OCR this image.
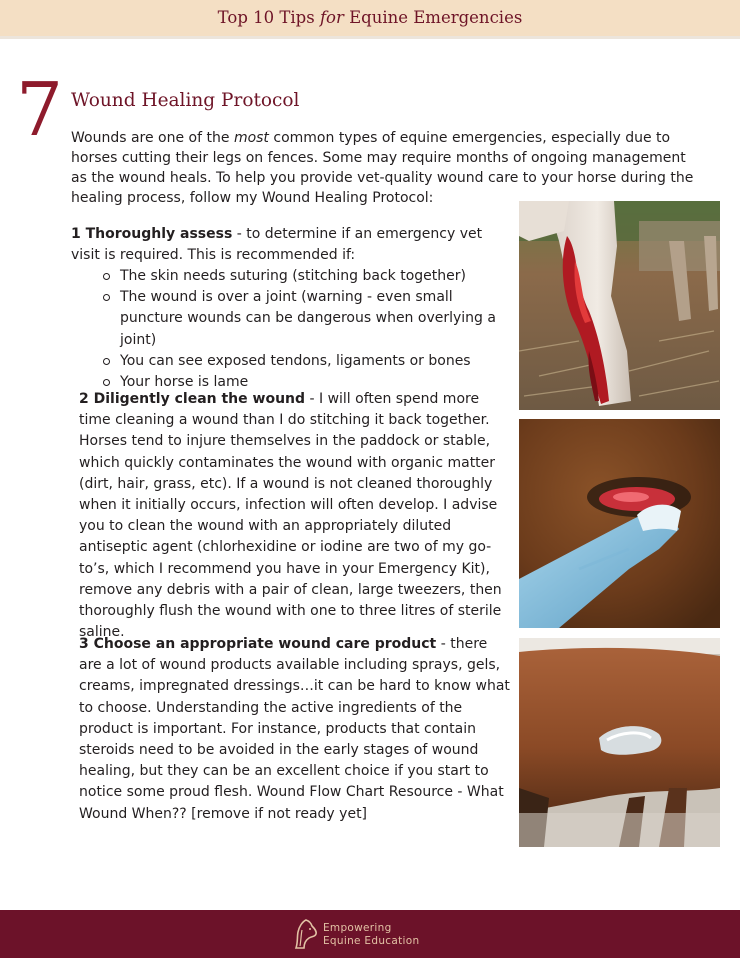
Top 10 Tips for Equine Emergencies
7 Wound Healing Protocol

Wounds are one of the most common types of equine emergencies, especially due to horses cutting their legs on fences. Some may require months of ongoing management as the wound heals. To help you provide vet-quality wound care to your horse during the healing process, follow my Wound Healing Protocol:

1 Thoroughly assess - to determine if an emergency vet visit is required. This is recommended if:

The skin needs suturing (stitching back together)
The wound is over a joint (warning - even small puncture wounds can be dangerous when overlying a joint)
You can see exposed tendons, ligaments or bones
Your horse is lame

2 Diligently clean the wound - I will often spend more time cleaning a wound than I do stitching it back together. Horses tend to injure themselves in the paddock or stable, which quickly contaminates the wound with organic matter (dirt, hair, grass, etc). If a wound is not cleaned thoroughly when it initially occurs, infection will often develop. I advise you to clean the wound with an appropriately diluted antiseptic agent (chlorhexidine or iodine are two of my go-to’s, which I recommend you have in your Emergency Kit), remove any debris with a pair of clean, large tweezers, then thoroughly flush the wound with one to three litres of sterile saline.

3 Choose an appropriate wound care product - there are a lot of wound products available including sprays, gels, creams, impregnated dressings…it can be hard to know what to choose. Understanding the active ingredients of the product is important. For instance, products that contain steroids need to be avoided in the early stages of wound healing, but they can be an excellent choice if you start to notice some proud flesh. Wound Flow Chart Resource - What Wound When?? [remove if not ready yet]

Empowering
Equine Education
